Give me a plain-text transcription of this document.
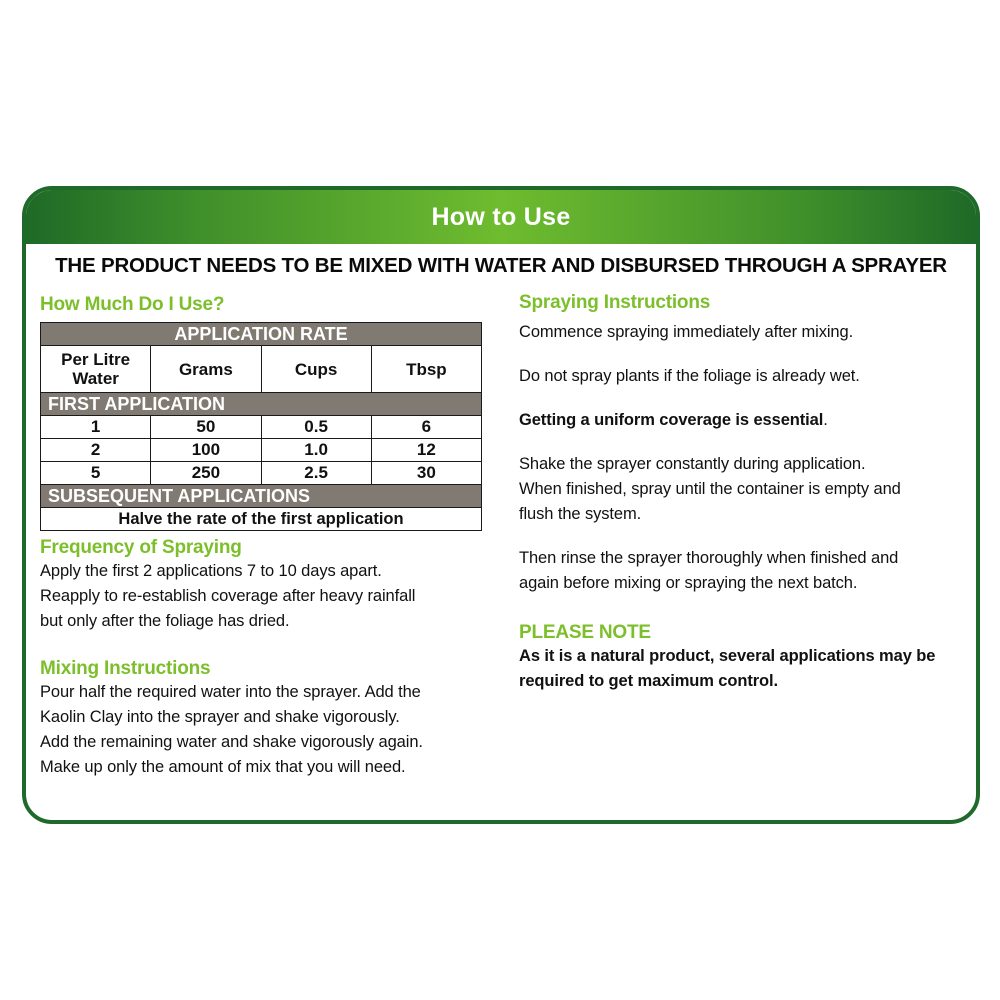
How to Use
THE PRODUCT NEEDS TO BE MIXED WITH WATER AND DISBURSED THROUGH A SPRAYER

How Much Do I Use?

APPLICATION RATE			
Per Litre Water	Grams	Cups	Tbsp
FIRST APPLICATION			
1	50	0.5	6
2	100	1.0	12
5	250	2.5	30
SUBSEQUENT APPLICATIONS			
Halve the rate of the first application			

Frequency of Spraying

Apply the first 2 applications 7 to 10 days apart.
Reapply to re-establish coverage after heavy rainfall
but only after the foliage has dried.

Mixing Instructions

Pour half the required water into the sprayer. Add the
Kaolin Clay into the sprayer and shake vigorously.
Add the remaining water and shake vigorously again.
Make up only the amount of mix that you will need.

Spraying Instructions

Commence spraying immediately after mixing.

Do not spray plants if the foliage is already wet.

Getting a uniform coverage is essential.

Shake the sprayer constantly during application.
When finished, spray until the container is empty and
flush the system.

Then rinse the sprayer thoroughly when finished and
again before mixing or spraying the next batch.

PLEASE NOTE

As it is a natural product, several applications may be
required to get maximum control.
